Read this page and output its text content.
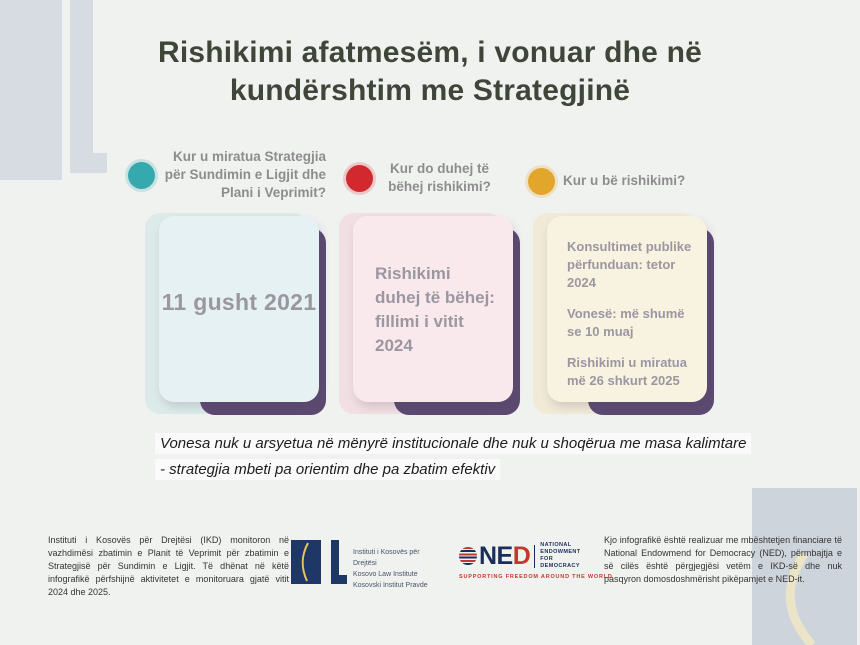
Rishikimi afatmesëm, i vonuar dhe në
kundërshtim me Strategjinë
Kur u miratua Strategjia
për Sundimin e Ligjit dhe
Plani i Veprimit?
Kur do duhej të
bëhej rishikimi?	Kur u bë rishikimi?
11 gusht 2021
Rishikimi duhej të bëhej: fillimi i vitit 2024

Konsultimet publike përfunduan: tetor 2024

Vonesë: më shumë se 10 muaj

Rishikimi u miratua më 26 shkurt 2025

Vonesa nuk u arsyetua në mënyrë institucionale dhe nuk u shoqërua me masa kalimtare - strategjia mbeti pa orientim dhe pa zbatim efektiv

Instituti i Kosovës për Drejtësi (IKD) monitoron në vazhdimësi zbatimin e Planit të Veprimit për zbatimin e Strategjisë për Sundimin e Ligjit. Të dhënat në këtë infografikë përfshijnë aktivitetet e monitoruara gjatë vitit 2024 dhe 2025.

Instituti i Kosovës për Drejtësi
Kosovo Law Institute
Kosovski Institut Pravde
NED NATIONAL
ENDOWMENT
FOR
DEMOCRACY
SUPPORTING FREEDOM AROUND THE WORLD

Kjo infografikë është realizuar me mbështetjen financiare të National Endowmend for Democracy (NED), përmbajtja e së cilës është përgjegjësi vetëm e IKD-së dhe nuk pasqyron domosdoshmërisht pikëpamjet e NED-it.
